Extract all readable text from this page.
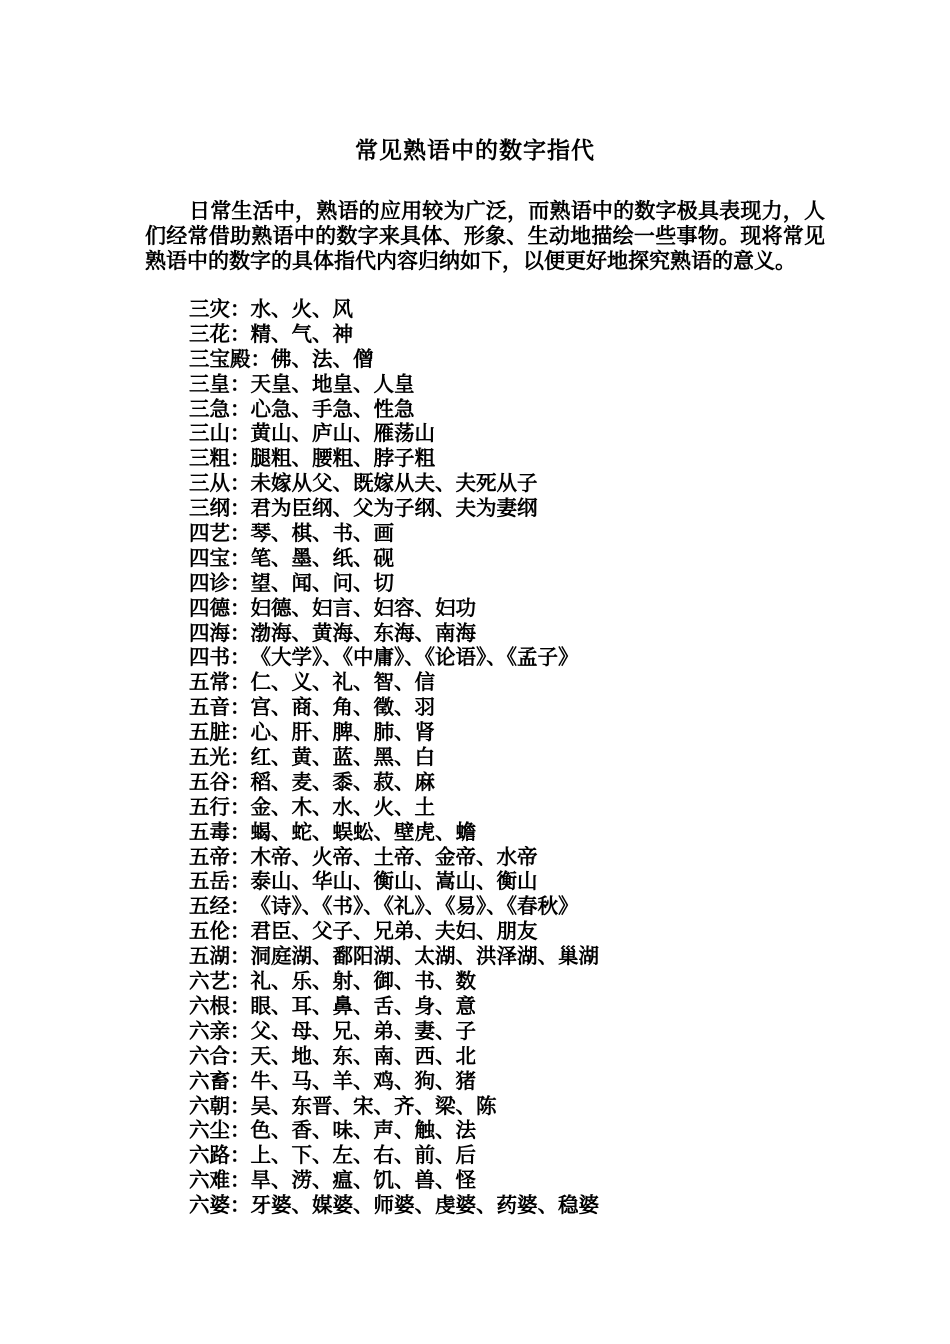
常见熟语中的数字指代

日常生活中，熟语的应用较为广泛，而熟语中的数字极具表现力，人们经常借助熟语中的数字来具体、形象、生动地描绘一些事物。现将常见熟语中的数字的具体指代内容归纳如下，以便更好地探究熟语的意义。

三灾 ： 水、火、风
三花 ： 精、气、神
三宝殿 ： 佛、法、僧
三皇 ： 天皇、地皇、人皇
三急 ： 心急、手急、性急
三山 ： 黄山、庐山、雁荡山
三粗 ： 腿粗、腰粗、脖子粗
三从 ： 未嫁从父、既嫁从夫、夫死从子
三纲 ： 君为臣纲、父为子纲、夫为妻纲
四艺 ： 琴、棋、书、画
四宝 ： 笔、墨、纸、砚
四诊 ： 望、闻、问、切
四德 ： 妇德、妇言、妇容、妇功
四海 ： 渤海、黄海、东海、南海
四书 ： 《大学》、《中庸》、《论语》、《孟子》
五常 ： 仁、义、礼、智、信
五音 ： 宫、商、角、徵、羽
五脏 ： 心、肝、脾、肺、肾
五光 ： 红、黄、蓝、黑、白
五谷 ： 稻、麦、黍、菽、麻
五行 ： 金、木、水、火、土
五毒 ： 蝎、蛇、蜈蚣、壁虎、蟾
五帝 ： 木帝、火帝、土帝、金帝、水帝
五岳 ： 泰山、华山、衡山、嵩山、衡山
五经 ： 《诗》、《书》、《礼》、《易》、《春秋》
五伦 ： 君臣、父子、兄弟、夫妇、朋友
五湖 ： 洞庭湖、鄱阳湖、太湖、洪泽湖、巢湖
六艺 ： 礼、乐、射、御、书、数
六根 ： 眼、耳、鼻、舌、身、意
六亲 ： 父、母、兄、弟、妻、子
六合 ： 天、地、东、南、西、北
六畜 ： 牛、马、羊、鸡、狗、猪
六朝 ： 吴、东晋、宋、齐、梁、陈
六尘 ： 色、香、味、声、触、法
六路 ： 上、下、左、右、前、后
六难 ： 旱、涝、瘟、饥、兽、怪
六婆 ： 牙婆、媒婆、师婆、虔婆、药婆、稳婆
